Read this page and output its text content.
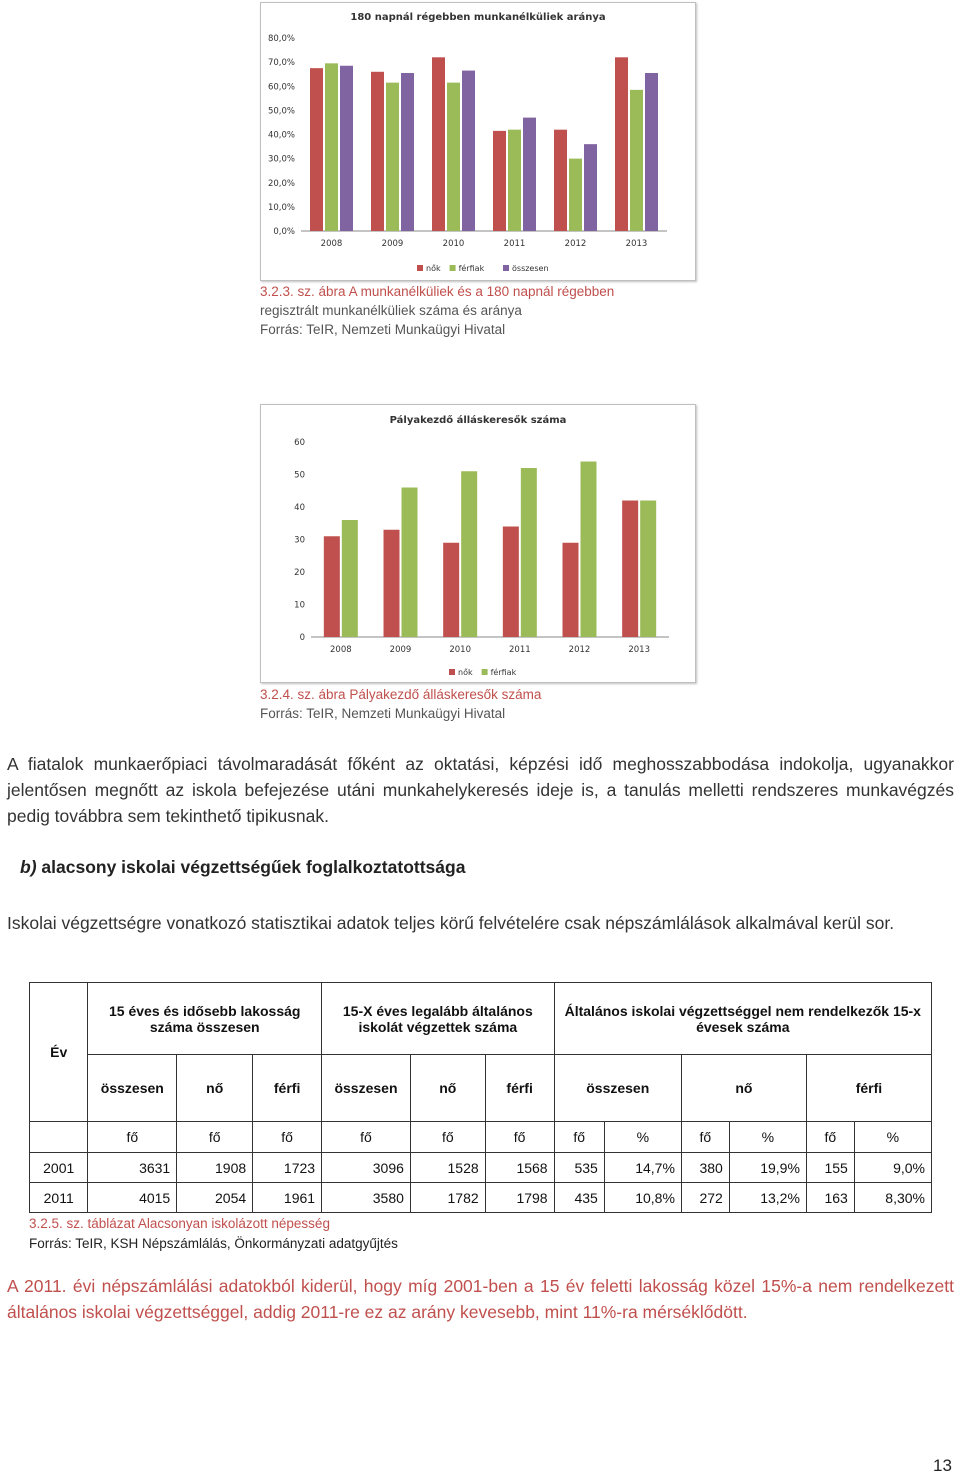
180 napnál régebben munkanélküliek aránya
0,0%
10,0%
20,0%
30,0%
40,0%
50,0%
60,0%
70,0%
80,0%
2008	2009	2010	2011	2012	2013
nők férfiak	összesen
3.2.3. sz. ábra A munkanélküliek és a 180 napnál régebben
regisztrált munkanélküliek száma és aránya
Forrás: TeIR, Nemzeti Munkaügyi Hivatal
Pályakezdő álláskeresők száma
0
10
20
30
40
50
60
2008	2009	2010	2011	2012	2013
nők férfiak
3.2.4. sz. ábra Pályakezdő álláskeresők száma
Forrás: TeIR, Nemzeti Munkaügyi Hivatal
A fiatalok munkaerőpiaci távolmaradását főként az oktatási, képzési idő meghosszabbodása indokolja, ugyanakkor jelentősen megnőtt az iskola befejezése utáni munkahelykeresés ideje is, a tanulás melletti rendszeres munkavégzés pedig továbbra sem tekinthető tipikusnak.
b) alacsony iskolai végzettségűek foglalkoztatottsága
Iskolai végzettségre vonatkozó statisztikai adatok teljes körű felvételére csak népszámlálások alkalmával kerül sor.
Év	15 éves és idősebb lakosság száma összesen			15-X éves legalább általános iskolát végzettek száma			Általános iskolai végzettséggel nem rendelkezők 15-x évesek száma					
	összesen	nő	férfi	összesen	nő	férfi	összesen		nő		férfi	
	fő	fő	fő	fő	fő	fő	fő	%	fő	%	fő	%
2001	3631	1908	1723	3096	1528	1568	535	14,7%	380	19,9%	155	9,0%
2011	4015	2054	1961	3580	1782	1798	435	10,8%	272	13,2%	163	8,30%
3.2.5. sz. táblázat Alacsonyan iskolázott népesség
Forrás: TeIR, KSH Népszámlálás, Önkormányzati adatgyűjtés
A 2011. évi népszámlálási adatokból kiderül, hogy míg 2001-ben a 15 év feletti lakosság közel 15%-a nem rendelkezett általános iskolai végzettséggel, addig 2011-re ez az arány kevesebb, mint 11%-ra mérséklődött.
13
